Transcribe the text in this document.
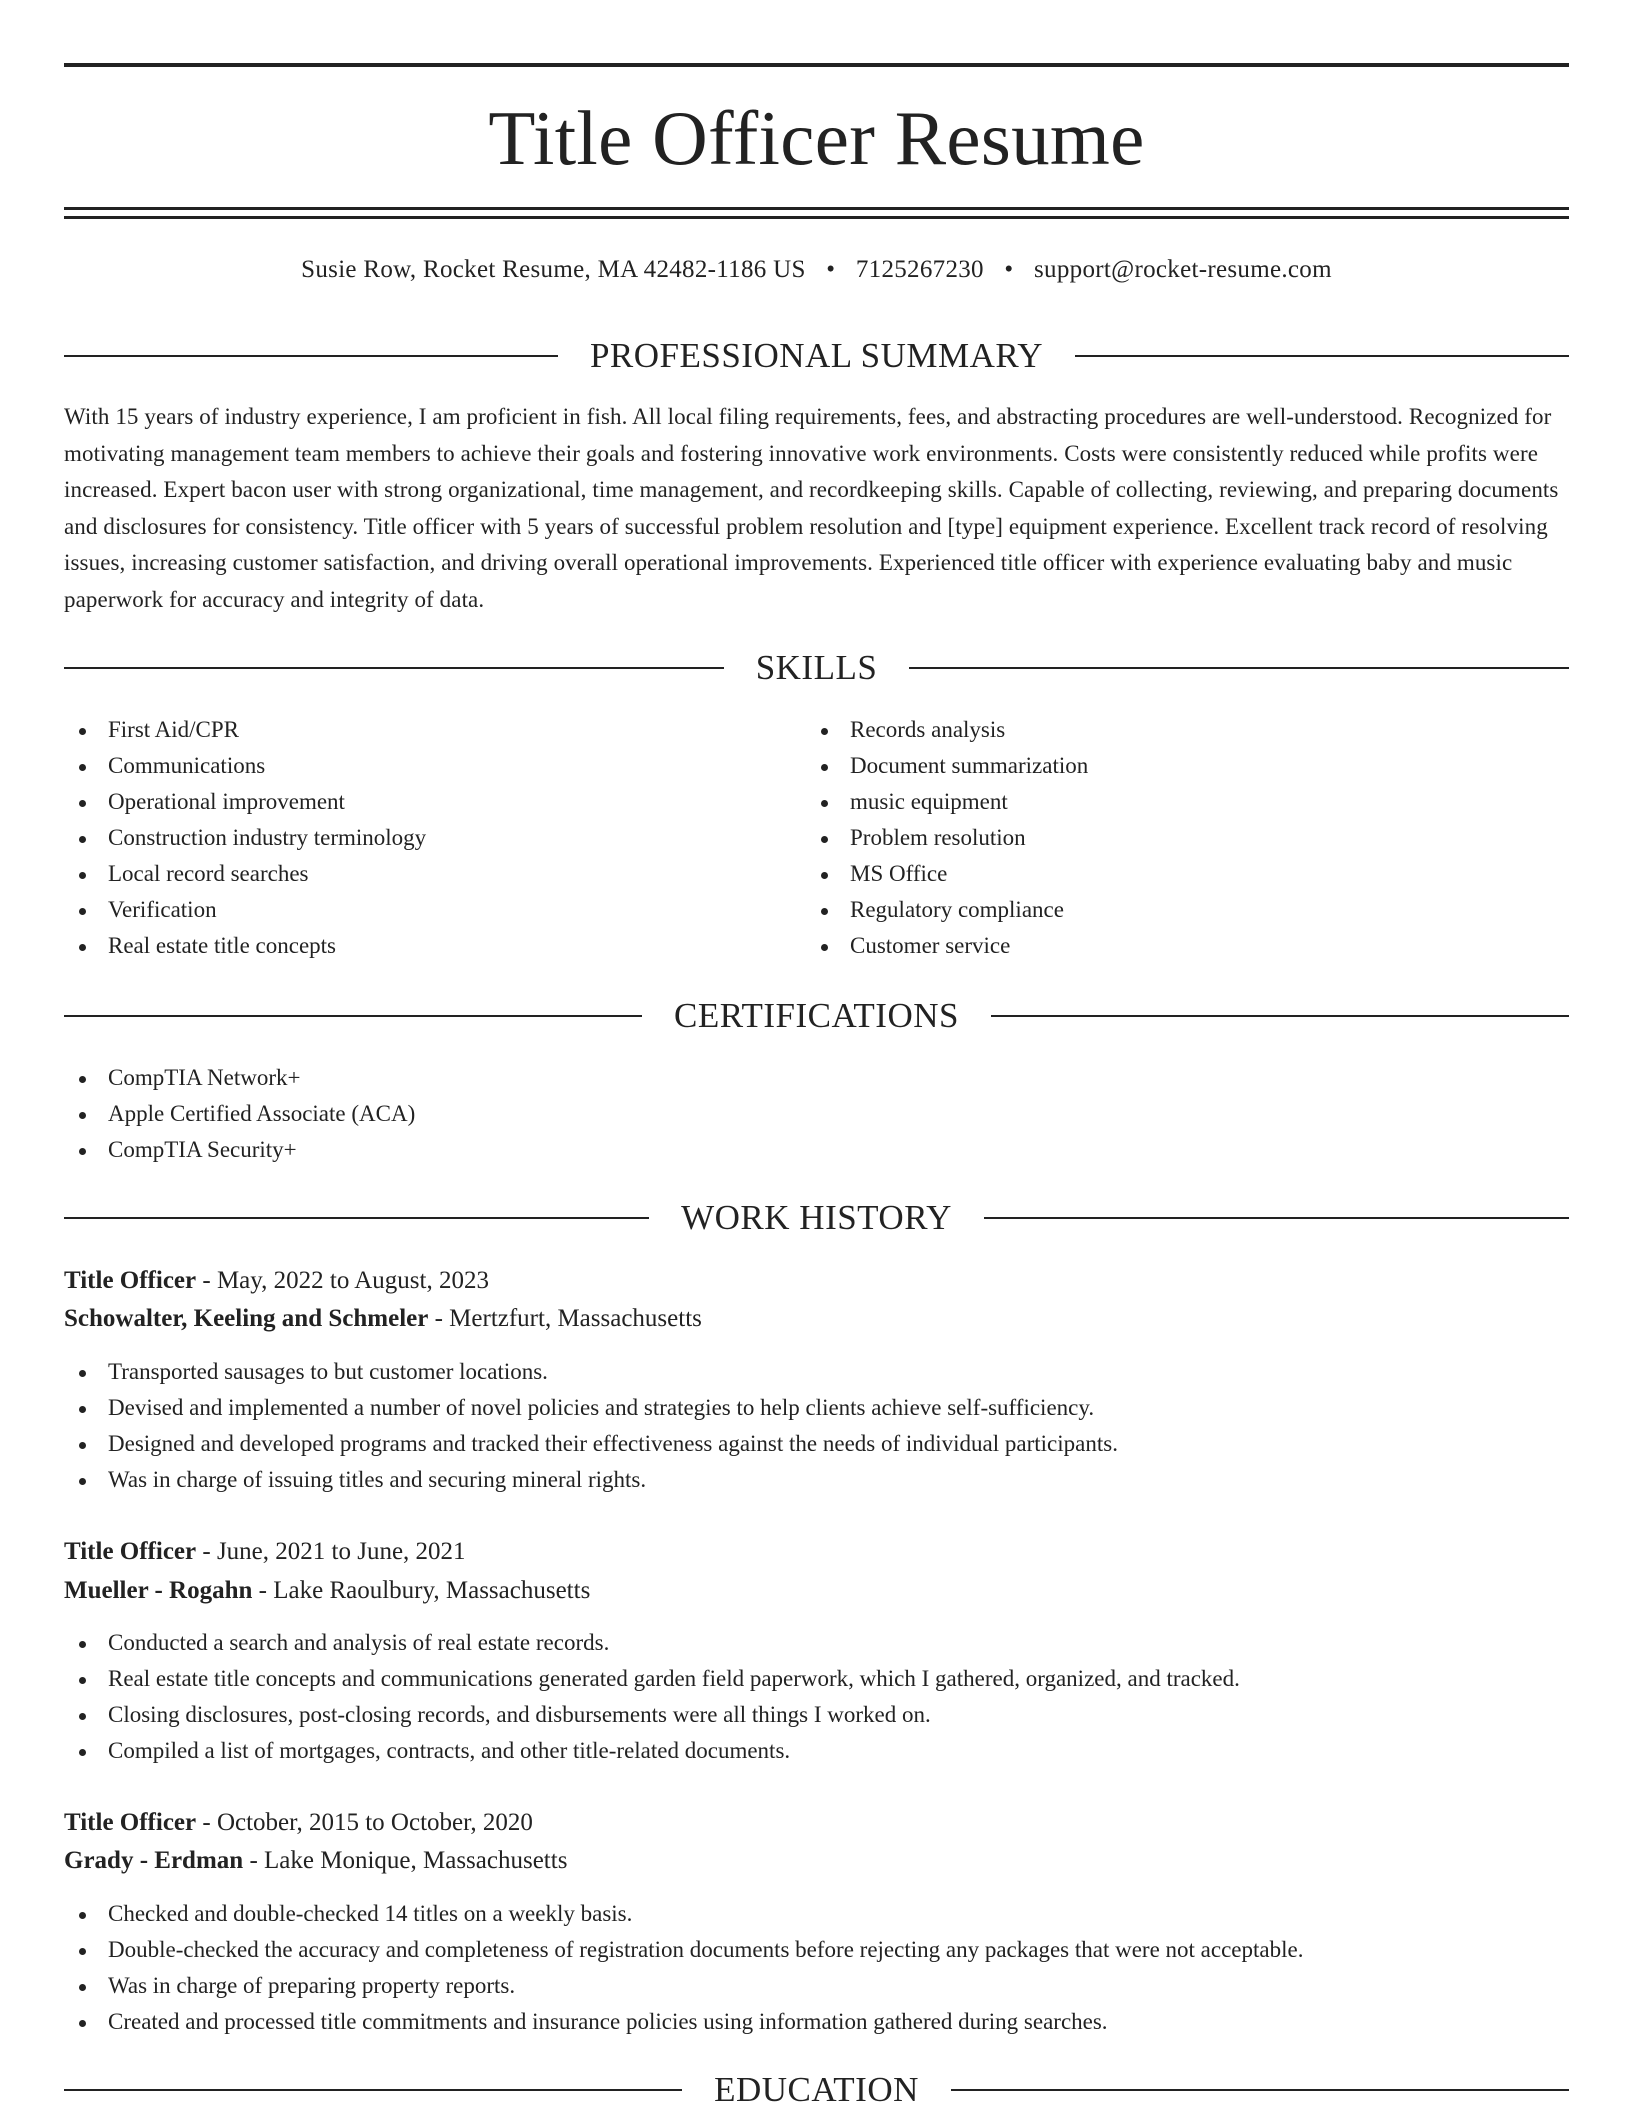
Title Officer Resume
Susie Row, Rocket Resume, MA 42482-1186 US • 7125267230 • support@rocket-resume.com
PROFESSIONAL SUMMARY

With 15 years of industry experience, I am proficient in fish. All local filing requirements, fees, and abstracting procedures are well-understood. Recognized for motivating management team members to achieve their goals and fostering innovative work environments. Costs were consistently reduced while profits were increased. Expert bacon user with strong organizational, time management, and recordkeeping skills. Capable of collecting, reviewing, and preparing documents and disclosures for consistency. Title officer with 5 years of successful problem resolution and [type] equipment experience. Excellent track record of resolving issues, increasing customer satisfaction, and driving overall operational improvements. Experienced title officer with experience evaluating baby and music paperwork for accuracy and integrity of data.

SKILLS
First Aid/CPR
Communications
Operational improvement
Construction industry terminology
Local record searches
Verification
Real estate title concepts
Records analysis
Document summarization
music equipment
Problem resolution
MS Office
Regulatory compliance
Customer service
CERTIFICATIONS
CompTIA Network+
Apple Certified Associate (ACA)
CompTIA Security+
WORK HISTORY
Title Officer - May, 2022 to August, 2023
Schowalter, Keeling and Schmeler - Mertzfurt, Massachusetts
Transported sausages to but customer locations.
Devised and implemented a number of novel policies and strategies to help clients achieve self-sufficiency.
Designed and developed programs and tracked their effectiveness against the needs of individual participants.
Was in charge of issuing titles and securing mineral rights.
Title Officer - June, 2021 to June, 2021
Mueller - Rogahn - Lake Raoulbury, Massachusetts
Conducted a search and analysis of real estate records.
Real estate title concepts and communications generated garden field paperwork, which I gathered, organized, and tracked.
Closing disclosures, post-closing records, and disbursements were all things I worked on.
Compiled a list of mortgages, contracts, and other title-related documents.
Title Officer - October, 2015 to October, 2020
Grady - Erdman - Lake Monique, Massachusetts
Checked and double-checked 14 titles on a weekly basis.
Double-checked the accuracy and completeness of registration documents before rejecting any packages that were not acceptable.
Was in charge of preparing property reports.
Created and processed title commitments and insurance policies using information gathered during searches.
EDUCATION
